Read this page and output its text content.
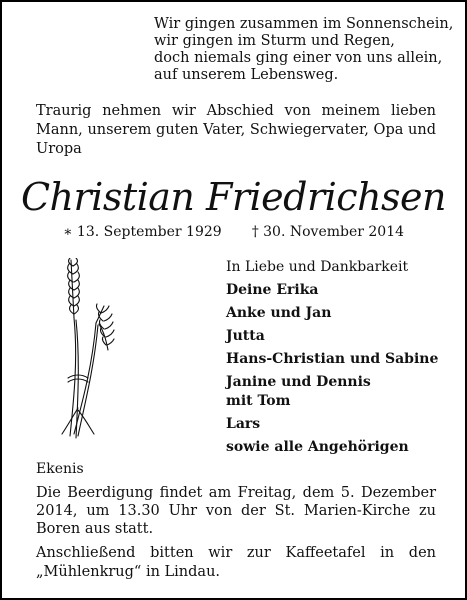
Wir gingen zusammen im Sonnenschein,
wir gingen im Sturm und Regen,
doch niemals ging einer von uns allein,
auf unserem Lebensweg.
Traurig nehmen wir Abschied von meinem lieben Mann, unserem guten Vater, Schwiegervater, Opa und Uropa
Christian Friedrichsen
∗ 13. September 1929 † 30. November 2014
In Liebe und Dankbarkeit
Deine Erika
Anke und Jan
Jutta
Hans-Christian und Sabine
Janine und Dennis
mit Tom
Lars
sowie alle Angehörigen
Ekenis
Die Beerdigung findet am Freitag, dem 5. Dezember 2014, um 13.30 Uhr von der St. Marien-Kirche zu Boren aus statt.
Anschließend bitten wir zur Kaffeetafel in den „Mühlenkrug“ in Lindau.
